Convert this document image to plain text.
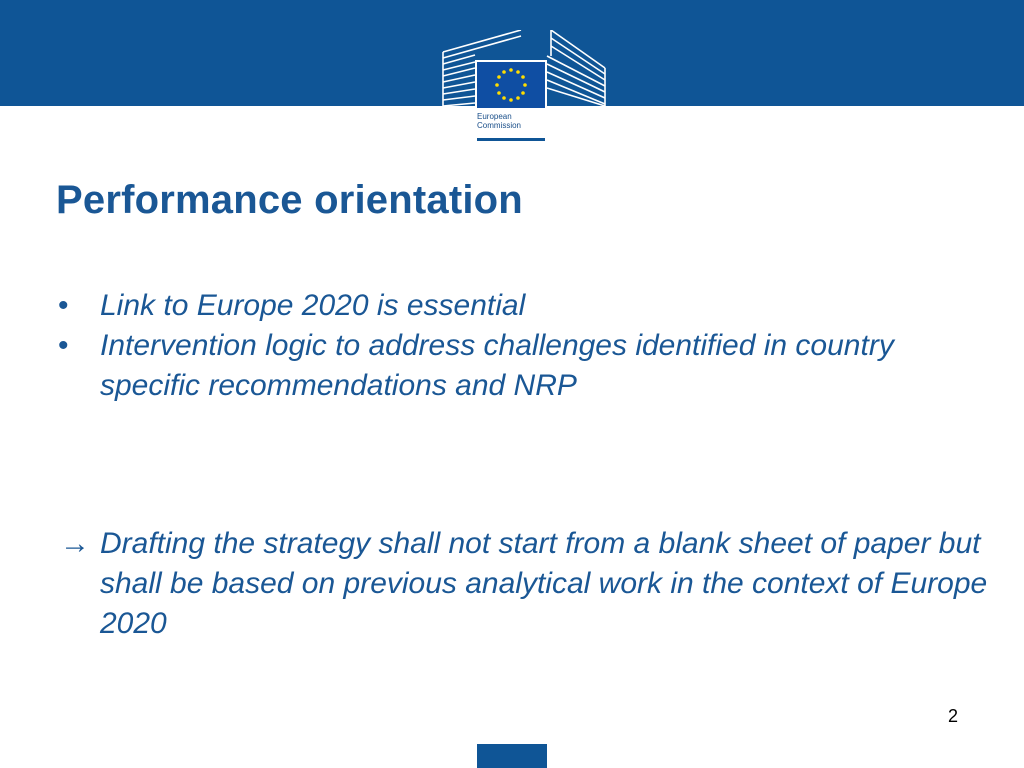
European
Commission
Performance orientation
•	Link to Europe 2020 is essential
•	Intervention logic to address challenges identified in country specific recommendations and NRP
→ Drafting the strategy shall not start from a blank sheet of paper but shall be based on previous analytical work in the context of Europe 2020
2
